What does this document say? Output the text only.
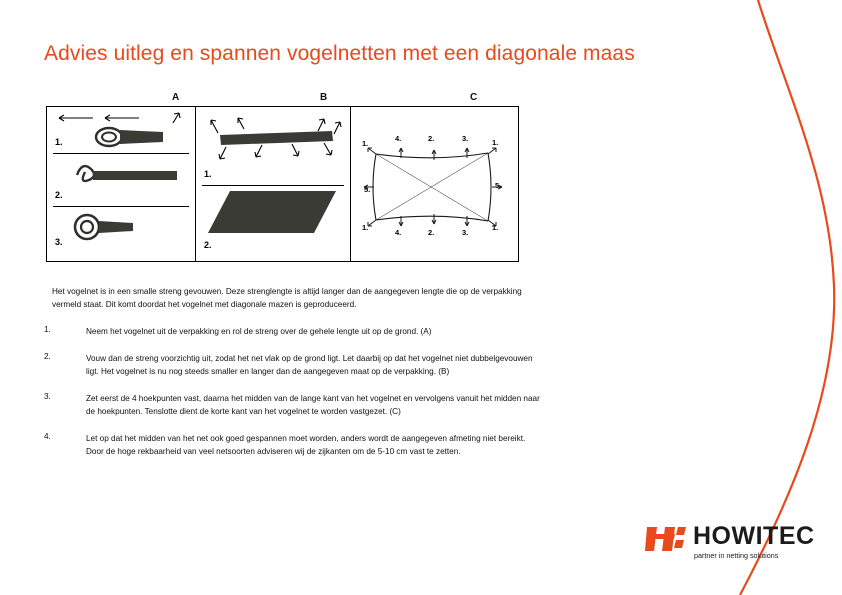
Advies uitleg en spannen vogelnetten met een diagonale maas
A	B	C
1.
2.
3.
1.
2.
1.
4.	2.	3.	1.
1.
4.	2.	3.
1.
5.	5.
Het vogelnet is in een smalle streng gevouwen. Deze strenglengte is altijd langer dan de aangegeven lengte die op de verpakking vermeld staat. Dit komt doordat het vogelnet met diagonale mazen is geproduceerd.
1.	Neem het vogelnet uit de verpakking en rol de streng over de gehele lengte uit op de grond. (A)
2.	Vouw dan de streng voorzichtig uit, zodat het net vlak op de grond ligt. Let daarbij op dat het vogelnet niet dubbelgevouwen ligt. Het vogelnet is nu nog steeds smaller en langer dan de aangegeven maat op de verpakking. (B)
3.	Zet eerst de 4 hoekpunten vast, daarna het midden van de lange kant van het vogelnet en vervolgens vanuit het midden naar de hoekpunten. Tenslotte dient de korte kant van het vogelnet te worden vastgezet. (C)
4.	Let op dat het midden van het net ook goed gespannen moet worden, anders wordt de aangegeven afmeting niet bereikt. Door de hoge rekbaarheid van veel netsoorten adviseren wij de zijkanten om de 5-10 cm vast te zetten.
HOWITEC
partner in netting solutions
